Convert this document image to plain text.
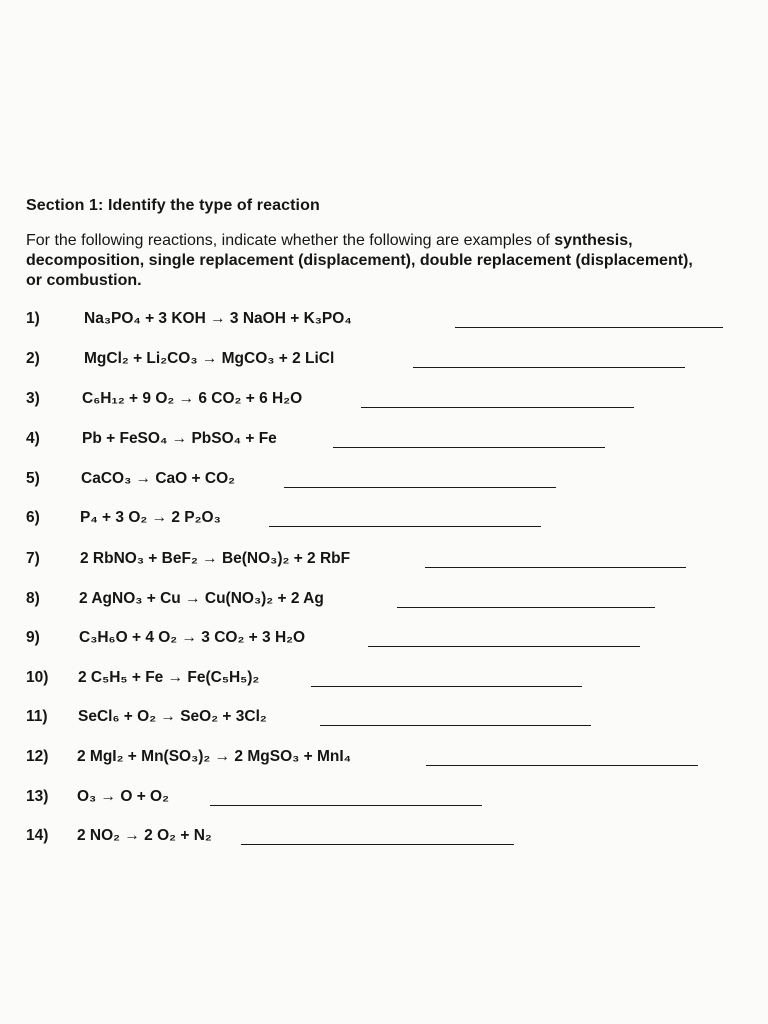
Section 1: Identify the type of reaction
For the following reactions, indicate whether the following are examples of synthesis, decomposition, single replacement (displacement), double replacement (displacement), or combustion.
1)	Na₃PO₄ + 3 KOH → 3 NaOH + K₃PO₄
2)	MgCl₂ + Li₂CO₃ → MgCO₃ + 2 LiCl
3)	C₆H₁₂ + 9 O₂ → 6 CO₂ + 6 H₂O
4)	Pb + FeSO₄ → PbSO₄ + Fe
5)	CaCO₃ → CaO + CO₂
6)	P₄ + 3 O₂ → 2 P₂O₃
7)	2 RbNO₃ + BeF₂ → Be(NO₃)₂ + 2 RbF
8)	2 AgNO₃ + Cu → Cu(NO₃)₂ + 2 Ag
9)	C₃H₆O + 4 O₂ → 3 CO₂ + 3 H₂O
10)	2 C₅H₅ + Fe → Fe(C₅H₅)₂
11)	SeCl₆ + O₂ → SeO₂ + 3Cl₂
12)	2 MgI₂ + Mn(SO₃)₂ → 2 MgSO₃ + MnI₄
13)	O₃ → O + O₂
14)	2 NO₂ → 2 O₂ + N₂
